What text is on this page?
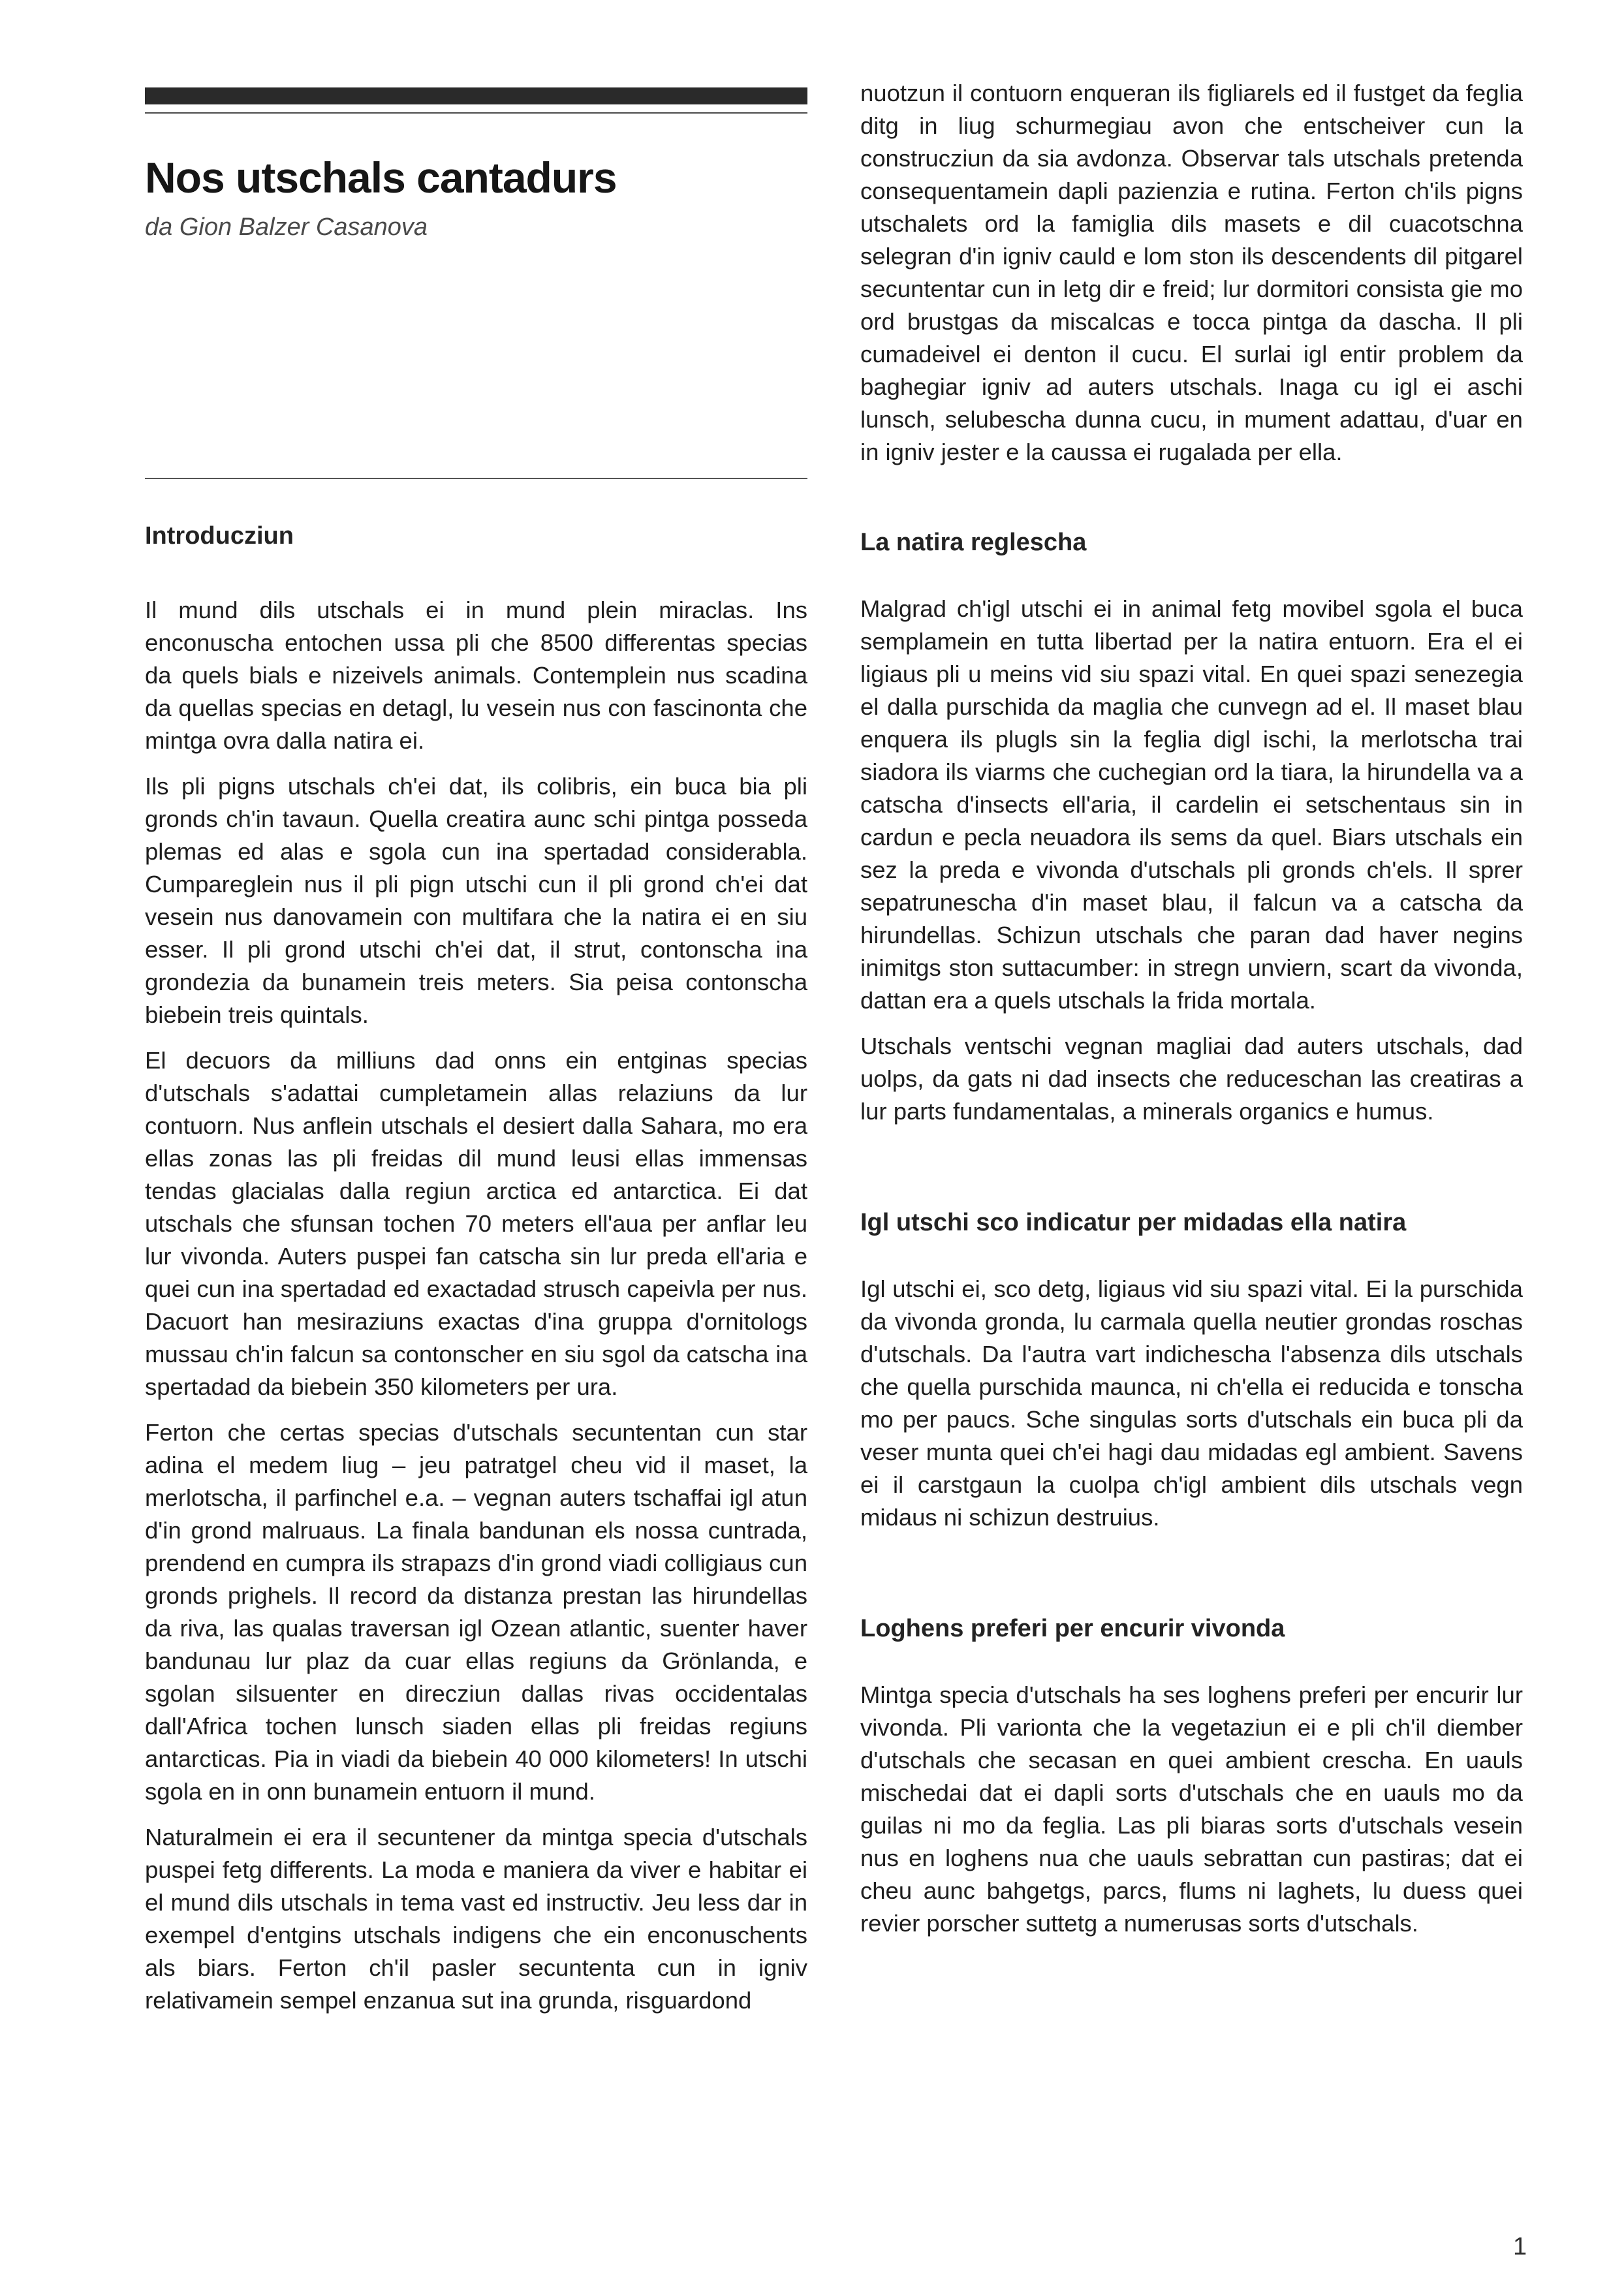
Nos utschals cantadurs
da Gion Balzer Casanova
Introducziun

Il mund dils utschals ei in mund plein miraclas. Ins enconuscha entochen ussa pli che 8500 differentas specias da quels bials e nizeivels animals. Contemplein nus scadina da quellas specias en detagl, lu vesein nus con fascinonta che mintga ovra dalla natira ei.

Ils pli pigns utschals ch'ei dat, ils colibris, ein buca bia pli gronds ch'in tavaun. Quella creatira aunc schi pintga posseda plemas ed alas e sgola cun ina spertadad considerabla. Cumpareglein nus il pli pign utschi cun il pli grond ch'ei dat vesein nus danovamein con multifara che la natira ei en siu esser. Il pli grond utschi ch'ei dat, il strut, contonscha ina grondezia da bunamein treis meters. Sia peisa contonscha biebein treis quintals.

El decuors da milliuns dad onns ein entginas specias d'utschals s'adattai cumpletamein allas relaziuns da lur contuorn. Nus anflein utschals el desiert dalla Sahara, mo era ellas zonas las pli freidas dil mund leusi ellas immensas tendas glacialas dalla regiun arctica ed antarctica. Ei dat utschals che sfunsan tochen 70 meters ell'aua per anflar leu lur vivonda. Auters puspei fan catscha sin lur preda ell'aria e quei cun ina spertadad ed exactadad strusch capeivla per nus. Dacuort han mesiraziuns exactas d'ina gruppa d'ornitologs mussau ch'in falcun sa contonscher en siu sgol da catscha ina spertadad da biebein 350 kilometers per ura.

Ferton che certas specias d'utschals secuntentan cun star adina el medem liug – jeu patratgel cheu vid il maset, la merlotscha, il parfinchel e.a. – vegnan auters tschaffai igl atun d'in grond malruaus. La finala bandunan els nossa cuntrada, prendend en cumpra ils strapazs d'in grond viadi colligiaus cun gronds prighels. Il record da distanza prestan las hirundellas da riva, las qualas traversan igl Ozean atlantic, suenter haver bandunau lur plaz da cuar ellas regiuns da Grönlanda, e sgolan silsuenter en direcziun dallas rivas occidentalas dall'Africa tochen lunsch siaden ellas pli freidas regiuns antarcticas. Pia in viadi da biebein 40 000 kilometers! In utschi sgola en in onn bunamein entuorn il mund.

Naturalmein ei era il secuntener da mintga specia d'utschals puspei fetg differents. La moda e maniera da viver e habitar ei el mund dils utschals in tema vast ed instructiv. Jeu less dar in exempel d'entgins utschals indigens che ein enconuschents als biars. Ferton ch'il pasler secuntenta cun in igniv relativamein sempel enzanua sut ina grunda, risguardond

nuotzun il contuorn enqueran ils figliarels ed il fustget da feglia ditg in liug schurmegiau avon che entscheiver cun la construcziun da sia avdonza. Observar tals utschals pretenda consequentamein dapli pazienzia e rutina. Ferton ch'ils pigns utschalets ord la famiglia dils masets e dil cuacotschna selegran d'in igniv cauld e lom ston ils descendents dil pitgarel secuntentar cun in letg dir e freid; lur dormitori consista gie mo ord brustgas da miscalcas e tocca pintga da dascha. Il pli cumadeivel ei denton il cucu. El surlai igl entir problem da baghegiar igniv ad auters utschals. Inaga cu igl ei aschi lunsch, selubescha dunna cucu, in mument adattau, d'uar en in igniv jester e la caussa ei rugalada per ella.

La natira reglescha

Malgrad ch'igl utschi ei in animal fetg movibel sgola el buca semplamein en tutta libertad per la natira entuorn. Era el ei ligiaus pli u meins vid siu spazi vital. En quei spazi senezegia el dalla purschida da maglia che cunvegn ad el. Il maset blau enquera ils plugls sin la feglia digl ischi, la merlotscha trai siadora ils viarms che cuchegian ord la tiara, la hirundella va a catscha d'insects ell'aria, il cardelin ei setschentaus sin in cardun e pecla neuadora ils sems da quel. Biars utschals ein sez la preda e vivonda d'utschals pli gronds ch'els. Il sprer sepatrunescha d'in maset blau, il falcun va a catscha da hirundellas. Schizun utschals che paran dad haver negins inimitgs ston suttacumber: in stregn unviern, scart da vivonda, dattan era a quels utschals la frida mortala.

Utschals ventschi vegnan magliai dad auters utschals, dad uolps, da gats ni dad insects che reduceschan las creatiras a lur parts fundamentalas, a minerals organics e humus.

Igl utschi sco indicatur per midadas ella natira

Igl utschi ei, sco detg, ligiaus vid siu spazi vital. Ei la purschida da vivonda gronda, lu carmala quella neutier grondas roschas d'utschals. Da l'autra vart indichescha l'absenza dils utschals che quella purschida maunca, ni ch'ella ei reducida e tonscha mo per paucs. Sche singulas sorts d'utschals ein buca pli da veser munta quei ch'ei hagi dau midadas egl ambient. Savens ei il carstgaun la cuolpa ch'igl ambient dils utschals vegn midaus ni schizun destruius.

Loghens preferi per encurir vivonda

Mintga specia d'utschals ha ses loghens preferi per encurir lur vivonda. Pli varionta che la vegetaziun ei e pli ch'il diember d'utschals che secasan en quei ambient crescha. En uauls mischedai dat ei dapli sorts d'utschals che en uauls mo da guilas ni mo da feglia. Las pli biaras sorts d'utschals vesein nus en loghens nua che uauls sebrattan cun pastiras; dat ei cheu aunc bahgetgs, parcs, flums ni laghets, lu duess quei revier porscher suttetg a numerusas sorts d'utschals.

1
